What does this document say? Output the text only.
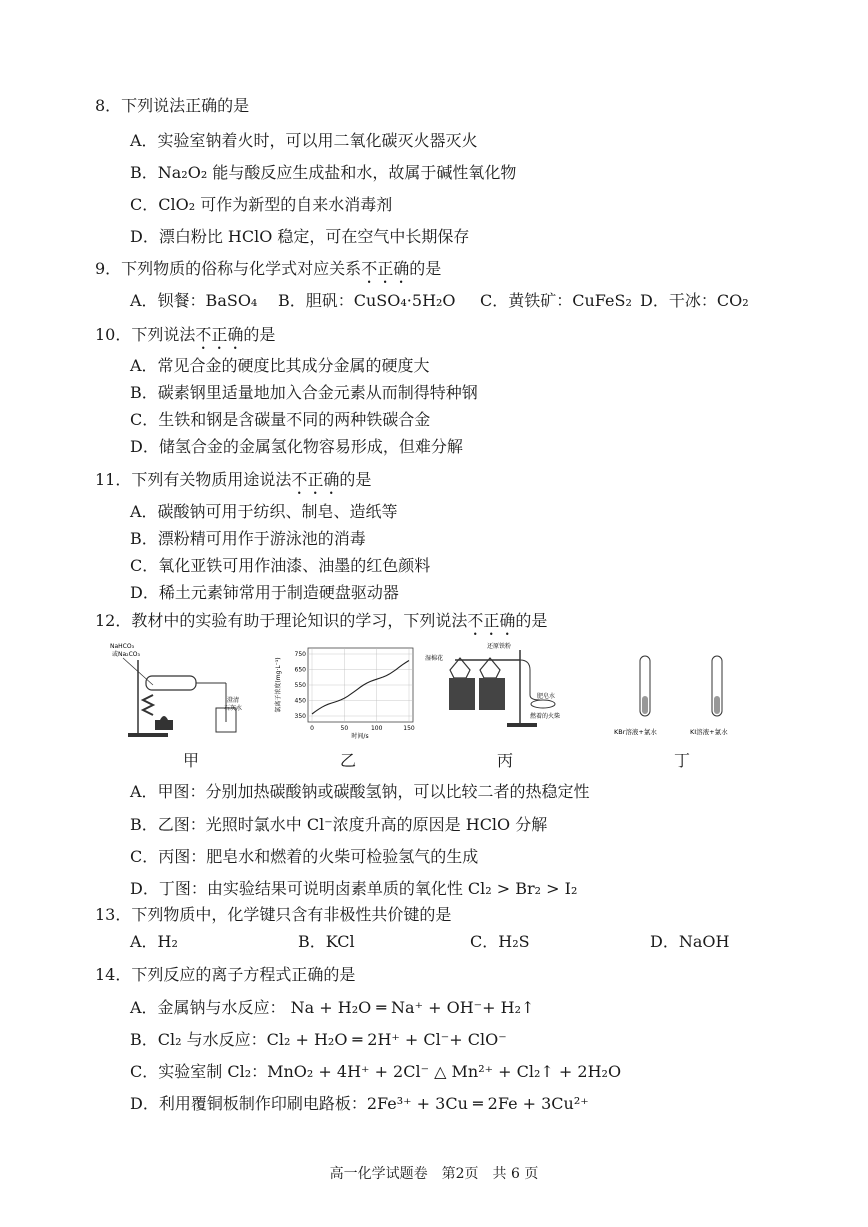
8．下列说法正确的是
A．实验室钠着火时，可以用二氧化碳灭火器灭火
B．Na₂O₂ 能与酸反应生成盐和水，故属于碱性氧化物
C．ClO₂ 可作为新型的自来水消毒剂
D．漂白粉比 HClO 稳定，可在空气中长期保存
9．下列物质的俗称与化学式对应关系不正确的是
A．钡餐：BaSO₄ B．胆矾：CuSO₄·5H₂O C．黄铁矿：CuFeS₂ D．干冰：CO₂
10．下列说法不正确的是
A．常见合金的硬度比其成分金属的硬度大
B．碳素钢里适量地加入合金元素从而制得特种钢
C．生铁和钢是含碳量不同的两种铁碳合金
D．储氢合金的金属氢化物容易形成，但难分解
11．下列有关物质用途说法不正确的是
A．碳酸钠可用于纺织、制皂、造纸等
B．漂粉精可用作于游泳池的消毒
C．氧化亚铁可用作油漆、油墨的红色颜料
D．稀土元素铈常用于制造硬盘驱动器
12．教材中的实验有助于理论知识的学习，下列说法不正确的是
NaHCO₃
或Na₂CO₃
澄清
石灰水
750
650
550
450
350
0	50	100	150
氯离子浓度(mg·L⁻¹)
时间/s
湿棉花
还原铁粉
肥皂水
燃着的火柴
KBr溶液+氯水	KI溶液+氯水
甲	乙	丙	丁
A．甲图：分别加热碳酸钠或碳酸氢钠，可以比较二者的热稳定性
B．乙图：光照时氯水中 Cl⁻浓度升高的原因是 HClO 分解
C．丙图：肥皂水和燃着的火柴可检验氢气的生成
D．丁图：由实验结果可说明卤素单质的氧化性 Cl₂ > Br₂ > I₂
13．下列物质中，化学键只含有非极性共价键的是
A．H₂	B．KCl	C．H₂S	D．NaOH
14．下列反应的离子方程式正确的是
A．金属钠与水反应： Na + H₂O ═ Na⁺ + OH⁻+ H₂↑
B．Cl₂ 与水反应：Cl₂ + H₂O ═ 2H⁺ + Cl⁻+ ClO⁻
C．实验室制 Cl₂：MnO₂ + 4H⁺ + 2Cl⁻ △ Mn²⁺ + Cl₂↑ + 2H₂O
D．利用覆铜板制作印刷电路板：2Fe³⁺ + 3Cu ═ 2Fe + 3Cu²⁺
高一化学试题卷　第2页　共 6 页
